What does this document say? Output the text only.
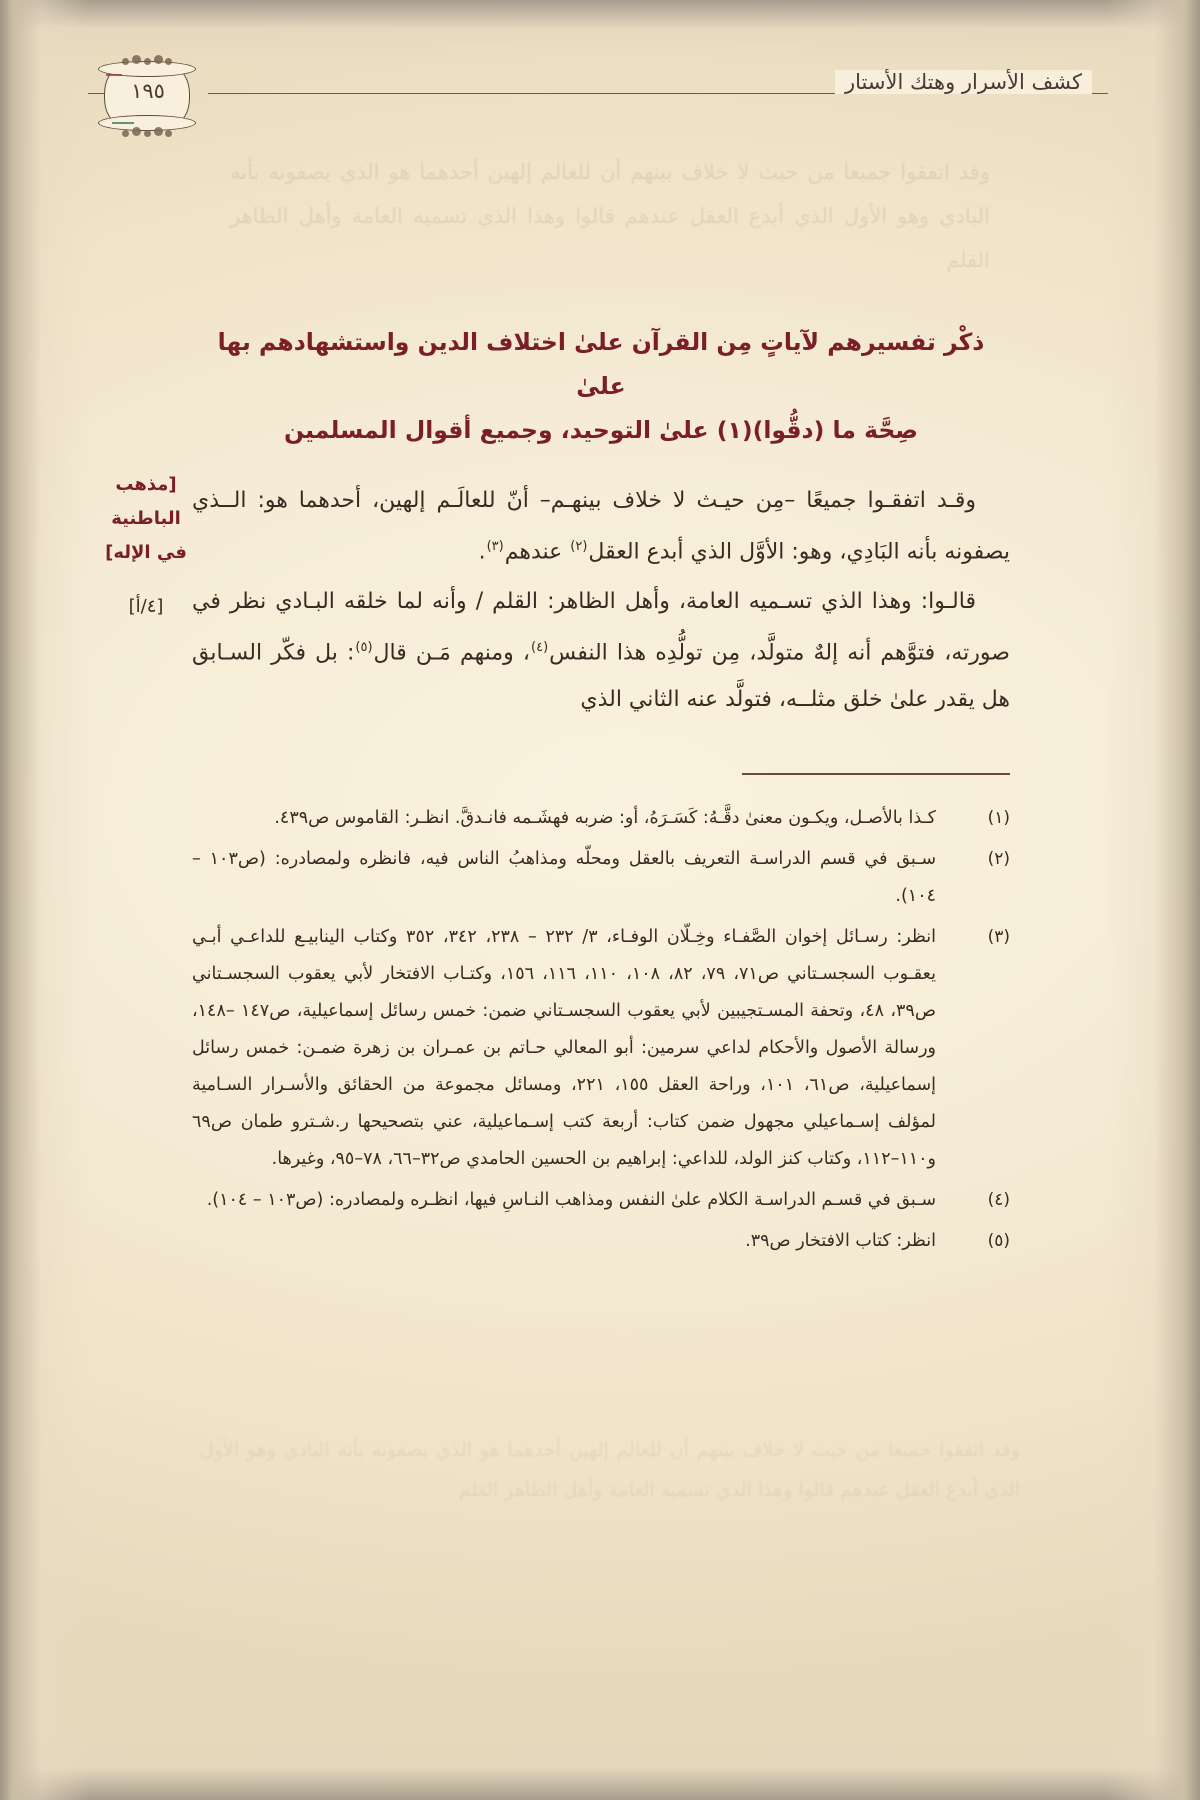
وقد اتفقوا جميعا من حيث لا خلاف بينهم أن للعالم إلهين أحدهما هو الذي يصفونه بأنه البادي وهو الأول الذي أبدع العقل عندهم قالوا وهذا الذي تسميه العامة وأهل الظاهر القلم
وقد اتفقوا جميعا من حيث لا خلاف بينهم أن للعالم إلهين أحدهما هو الذي يصفونه بأنه البادي وهو الأول الذي أبدع العقل عندهم قالوا وهذا الذي تسميه العامة وأهل الظاهر القلم
١٩٥	كشف الأسرار وهتك الأستار
[مذهب الباطنية في الإله]
[٤/أ]
ذكْر تفسيرهم لآياتٍ مِن القرآن علىٰ اختلاف الدين واستشهادهم بها علىٰ
صِحَّة ما (دقُّوا)(١) علىٰ التوحيد، وجميع أقوال المسلمين

وقـد اتفقـوا جميعًا –مِن حيـث لا خلاف بينهـم– أنّ للعالَـم إلهين، أحدهما هو: الــذي يصفونه بأنه البَادِي، وهو: الأوَّل الذي أبدع العقل$^{(٢)}$ عندهم$^{(٣)}$.

قالـوا: وهذا الذي تسـميه العامة، وأهل الظاهر: القلم / وأنه لما خلقه البـادي نظر في صورته، فتوَّهم أنه إلهٌ متولَّد، مِن تولُّدِه هذا النفس$^{(٤)}$، ومنهم مَـن قال$^{(٥)}$: بل فكّر السـابق هل يقدر علىٰ خلق مثلــه، فتولَّد عنه الثاني الذي

(١)
كـذا بالأصـل، ويكـون معنىٰ دقَّـهُ: كَسَـرَهُ، أو: ضربه فهشَـمه فانـدقَّ. انظـر: القاموس ص٤٣٩.
(٢)
سـبق في قسم الدراسـة التعريف بالعقل ومحلّه ومذاهبُ الناس فيه، فانظره ولمصادره: (ص١٠٣ – ١٠٤).
(٣)
انظر: رسـائل إخوان الصَّفـاء وخِـلّان الوفـاء، ٣/ ٢٣٢ – ٢٣٨، ٣٤٢، ٣٥٢ وكتاب الينابيـع للداعـي أبـي يعقـوب السجسـتاني ص٧١، ٧٩، ٨٢، ١٠٨، ١١٠، ١١٦، ١٥٦، وكتـاب الافتخار لأبي يعقوب السجسـتاني ص٣٩، ٤٨، وتحفة المسـتجيبين لأبي يعقوب السجسـتاني ضمن: خمس رسائل إسماعيلية، ص١٤٧ –١٤٨، ورسالة الأصول والأحكام لداعي سرمين: أبو المعالي حـاتم بن عمـران بن زهرة ضمـن: خمس رسائل إسماعيلية، ص٦١، ١٠١، وراحة العقل ١٥٥، ٢٢١، ومسائل مجموعة من الحقائق والأسـرار السـامية لمؤلف إسـماعيلي مجهول ضمن كتاب: أربعة كتب إسـماعيلية، عني بتصحيحها ر.شـترو طمان ص٦٩ و١١٠–١١٢، وكتاب كنز الولد، للداعي: إبراهيم بن الحسين الحامدي ص٣٢–٦٦، ٧٨–٩٥، وغيرها.
(٤)
سـبق في قسـم الدراسـة الكلام علىٰ النفس ومذاهب النـاسِ فيها، انظـره ولمصادره: (ص١٠٣ – ١٠٤).
(٥)
انظر: كتاب الافتخار ص٣٩.
